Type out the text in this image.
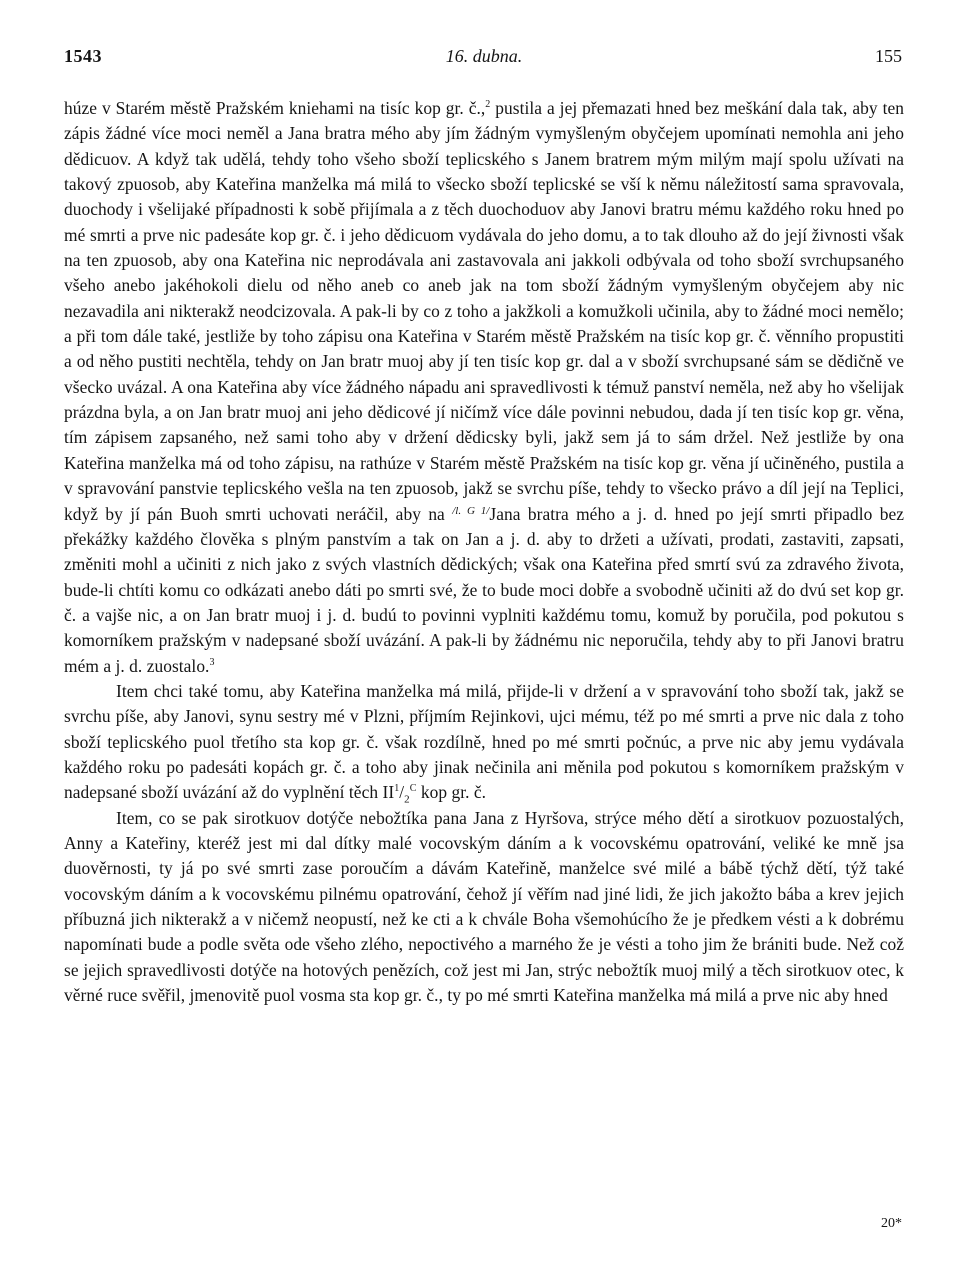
1543	16. dubna.	155

húze v Starém městě Pražském kniehami na tisíc kop gr. č.,$^2$ pustila a jej přemazati hned bez meškání dala tak, aby ten zápis žádné více moci neměl a Jana bratra mého aby jím žádným vymyšleným obyčejem upomínati nemohla ani jeho dědicuov. A když tak udělá, tehdy toho všeho sboží teplicského s Janem bratrem mým milým mají spolu užívati na takový zpuosob, aby Kateřina manželka má milá to všecko sboží teplicské se vší k němu náležitostí sama spravovala, duochody i všelijaké případnosti k sobě přijímala a z těch duochoduov aby Janovi bratru mému každého roku hned po mé smrti a prve nic padesáte kop gr. č. i jeho dědicuom vydávala do jeho domu, a to tak dlouho až do její živnosti však na ten zpuosob, aby ona Kateřina nic neprodávala ani zastavovala ani jakkoli odbývala od toho sboží svrchupsaného všeho anebo jakéhokoli dielu od něho aneb co aneb jak na tom sboží žádným vymyšleným obyčejem aby nic nezavadila ani nikterakž neodcizovala. A pak-li by co z toho a jakžkoli a komužkoli učinila, aby to žádné moci nemělo; a při tom dále také, jestliže by toho zápisu ona Kateřina v Starém městě Pražském na tisíc kop gr. č. věnního propustiti a od něho pustiti nechtěla, tehdy on Jan bratr muoj aby jí ten tisíc kop gr. dal a v sboží svrchupsané sám se dědičně ve všecko uvázal. A ona Kateřina aby více žádného nápadu ani spravedlivosti k témuž panství neměla, než aby ho všelijak prázdna byla, a on Jan bratr muoj ani jeho dědicové jí ničímž více dále povinni nebudou, dada jí ten tisíc kop gr. věna, tím zápisem zapsaného, než sami toho aby v držení dědicsky byli, jakž sem já to sám držel. Než jestliže by ona Kateřina manželka má od toho zápisu, na rathúze v Starém městě Pražském na tisíc kop gr. věna jí učiněného, pustila a v spravování panstvie teplicského vešla na ten zpuosob, jakž se svrchu píše, tehdy to všecko právo a díl její na Teplici, když by jí pán Buoh smrti uchovati neráčil, aby na $^{/l. G 1/}$Jana bratra mého a j. d. hned po její smrti připadlo bez překážky každého člověka s plným panstvím a tak on Jan a j. d. aby to držeti a užívati, prodati, zastaviti, zapsati, změniti mohl a učiniti z nich jako z svých vlastních dědických; však ona Kateřina před smrtí svú za zdravého života, bude-li chtíti komu co odkázati anebo dáti po smrti své, že to bude moci dobře a svobodně učiniti až do dvú set kop gr. č. a vajše nic, a on Jan bratr muoj i j. d. budú to povinni vyplniti každému tomu, komuž by poručila, pod pokutou s komorníkem pražským v nadepsané sboží uvázání. A pak-li by žádnému nic neporučila, tehdy aby to při Janovi bratru mém a j. d. zuostalo.$^3$

Item chci také tomu, aby Kateřina manželka má milá, přijde-li v držení a v spravování toho sboží tak, jakž se svrchu píše, aby Janovi, synu sestry mé v Plzni, příjmím Rejinkovi, ujci mému, též po mé smrti a prve nic dala z toho sboží teplicského puol třetího sta kop gr. č. však rozdílně, hned po mé smrti počnúc, a prve nic aby jemu vydávala každého roku po padesáti kopách gr. č. a toho aby jinak nečinila ani měnila pod pokutou s komorníkem pražským v nadepsané sboží uvázání až do vyplnění těch $II^1/_2^C$ kop gr. č.

Item, co se pak sirotkuov dotýče nebožtíka pana Jana z Hyršova, strýce mého dětí a sirotkuov pozuostalých, Anny a Kateřiny, kteréž jest mi dal dítky malé vocovským dáním a k vocovskému opatrování, veliké ke mně jsa duověrnosti, ty já po své smrti zase poroučím a dávám Kateřině, manželce své milé a bábě týchž dětí, týž také vocovským dáním a k vocovskému pilnému opatrování, čehož jí věřím nad jiné lidi, že jich jakožto bába a krev jejich příbuzná jich nikterakž a v ničemž neopustí, než ke cti a k chvále Boha všemohúcího že je předkem vésti a k dobrému napomínati bude a podle světa ode všeho zlého, nepoctivého a marného že je vésti a toho jim že brániti bude. Než což se jejich spravedlivosti dotýče na hotových penězích, což jest mi Jan, strýc nebožtík muoj milý a těch sirotkuov otec, k věrné ruce svěřil, jmenovitě puol vosma sta kop gr. č., ty po mé smrti Kateřina manželka má milá a prve nic aby hned

20*
